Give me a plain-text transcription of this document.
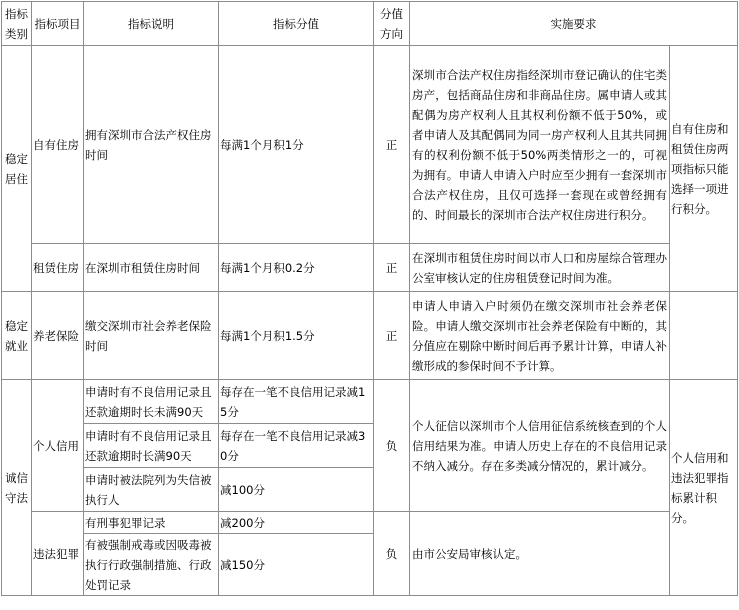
指标类别	指标项目	指标说明	指标分值	分值方向	实施要求	
稳定居住	自有住房	拥有深圳市合法产权住房时间	每满1个月积1分	正	深圳市合法产权住房指经深圳市登记确认的住宅类房产，包括商品住房和非商品住房。属申请人或其配偶为房产权利人且其权利份额不低于50%，或者申请人及其配偶同为同一房产权利人且其共同拥有的权利份额不低于50%两类情形之一的，可视为拥有。申请人申请入户时应至少拥有一套深圳市合法产权住房，且仅可选择一套现在或曾经拥有的、时间最长的深圳市合法产权住房进行积分。	自有住房和租赁住房两项指标只能选择一项进行积分。
	租赁住房	在深圳市租赁住房时间	每满1个月积0.2分	正	在深圳市租赁住房时间以市人口和房屋综合管理办公室审核认定的住房租赁登记时间为准。	
稳定就业	养老保险	缴交深圳市社会养老保险时间	每满1个月积1.5分	正	申请人申请入户时须仍在缴交深圳市社会养老保险。申请人缴交深圳市社会养老保险有中断的，其分值应在剔除中断时间后再予累计计算，申请人补缴形成的参保时间不予计算。	
诚信守法	个人信用	申请时有不良信用记录且还款逾期时长未满90天	每存在一笔不良信用记录减15分	负	个人征信以深圳市个人信用征信系统核查到的个人信用结果为准。申请人历史上存在的不良信用记录不纳入减分。存在多类减分情况的，累计减分。	个人信用和违法犯罪指标累计积分。
		申请时有不良信用记录且还款逾期时长满90天	每存在一笔不良信用记录减30分			
		申请时被法院列为失信被执行人	减100分			
	违法犯罪	有刑事犯罪记录	减200分	负	由市公安局审核认定。	
		有被强制戒毒或因吸毒被执行行政强制措施、行政处罚记录	减150分			
